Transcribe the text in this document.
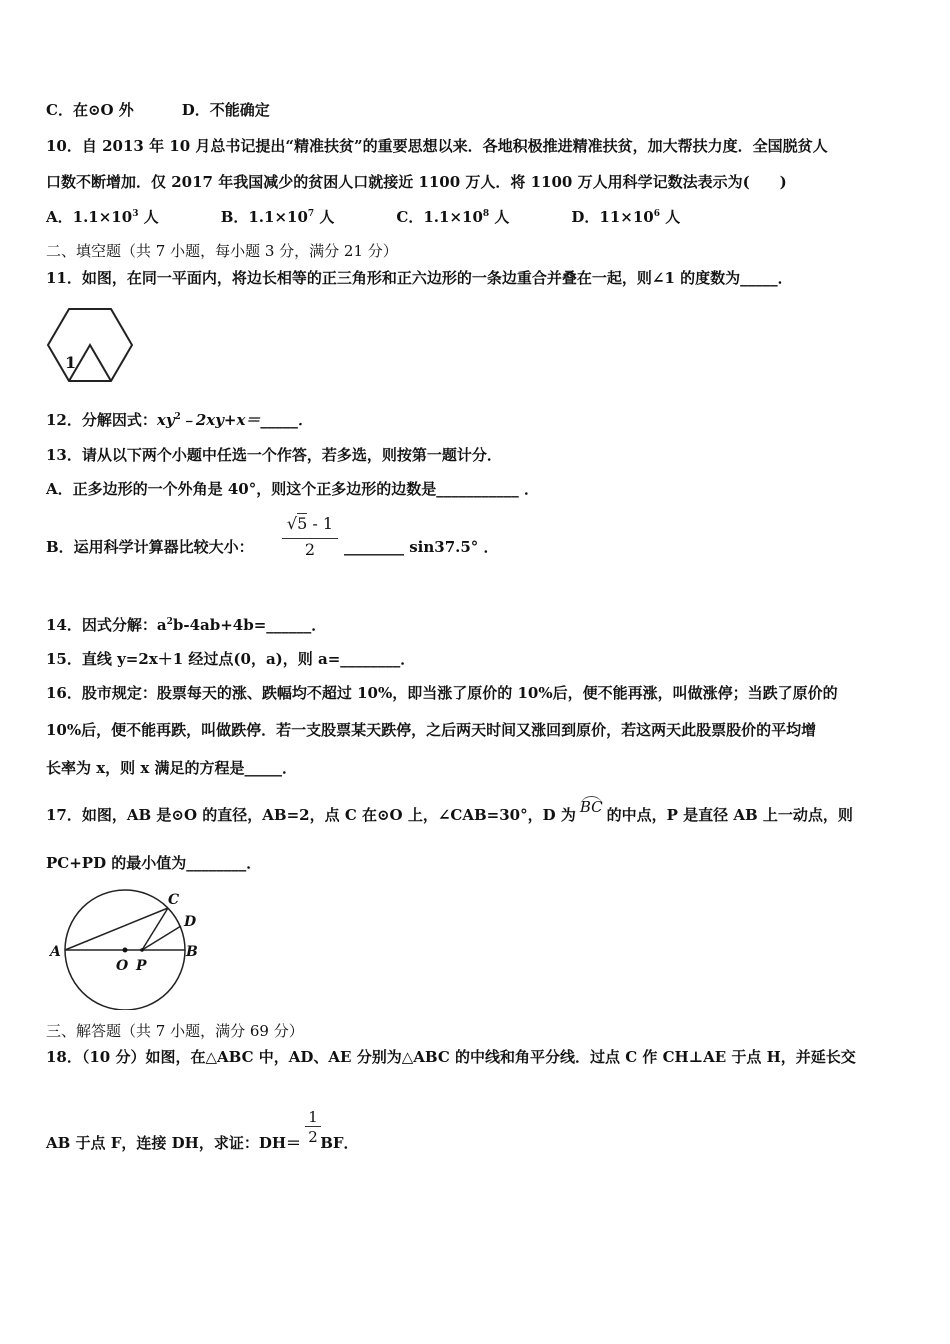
C．在⊙O 外	D．不能确定
10．自 2013 年 10 月总书记提出“精准扶贫”的重要思想以来．各地积极推进精准扶贫，加大帮扶力度．全国脱贫人
口数不断增加．仅 2017 年我国减少的贫困人口就接近 1100 万人．将 1100 万人用科学记数法表示为(　　)
A．$1.1\times 10^3$ 人	B．$1.1\times 10^7$ 人	C．$1.1\times 10^8$ 人	D．$11\times 10^6$ 人
二、填空题（共 7 小题，每小题 3 分，满分 21 分）
11．如图，在同一平面内，将边长相等的正三角形和正六边形的一条边重合并叠在一起，则∠1 的度数为_____．
1
12．分解因式：$xy^2﹣2xy+x=\_\_\_\_\_$．
13．请从以下两个小题中任选一个作答，若多选，则按第一题计分．
A．正多边形的一个外角是 40°，则这个正多边形的边数是___________ ．
B．运用科学计算器比较大小： $\frac{√5 - 1}{2}$ ________ sin37.5° ．
14．因式分解：$a^2b-4ab+4b=\_\_\_\_\_\_$．
15．直线 y=2x＋1 经过点(0，a)，则 a=________．
16．股市规定：股票每天的涨、跌幅均不超过 10%，即当涨了原价的 10%后，便不能再涨，叫做涨停；当跌了原价的
10%后，便不能再跌，叫做跌停．若一支股票某天跌停，之后两天时间又涨回到原价，若这两天此股票股价的平均增
长率为 x，则 x 满足的方程是_____．
17．如图，AB 是⊙O 的直径，AB=2，点 C 在⊙O 上，∠CAB=30°，D 为 BC 的中点，P 是直径 AB 上一动点，则
PC+PD 的最小值为________．
A	B
C
D
O P
三、解答题（共 7 小题，满分 69 分）
18．（10 分）如图，在△ABC 中，AD、AE 分别为△ABC 的中线和角平分线．过点 C 作 CH⊥AE 于点 H，并延长交
AB 于点 F，连接 DH，求证：DH＝ BF．
$\frac{1}{2}$
